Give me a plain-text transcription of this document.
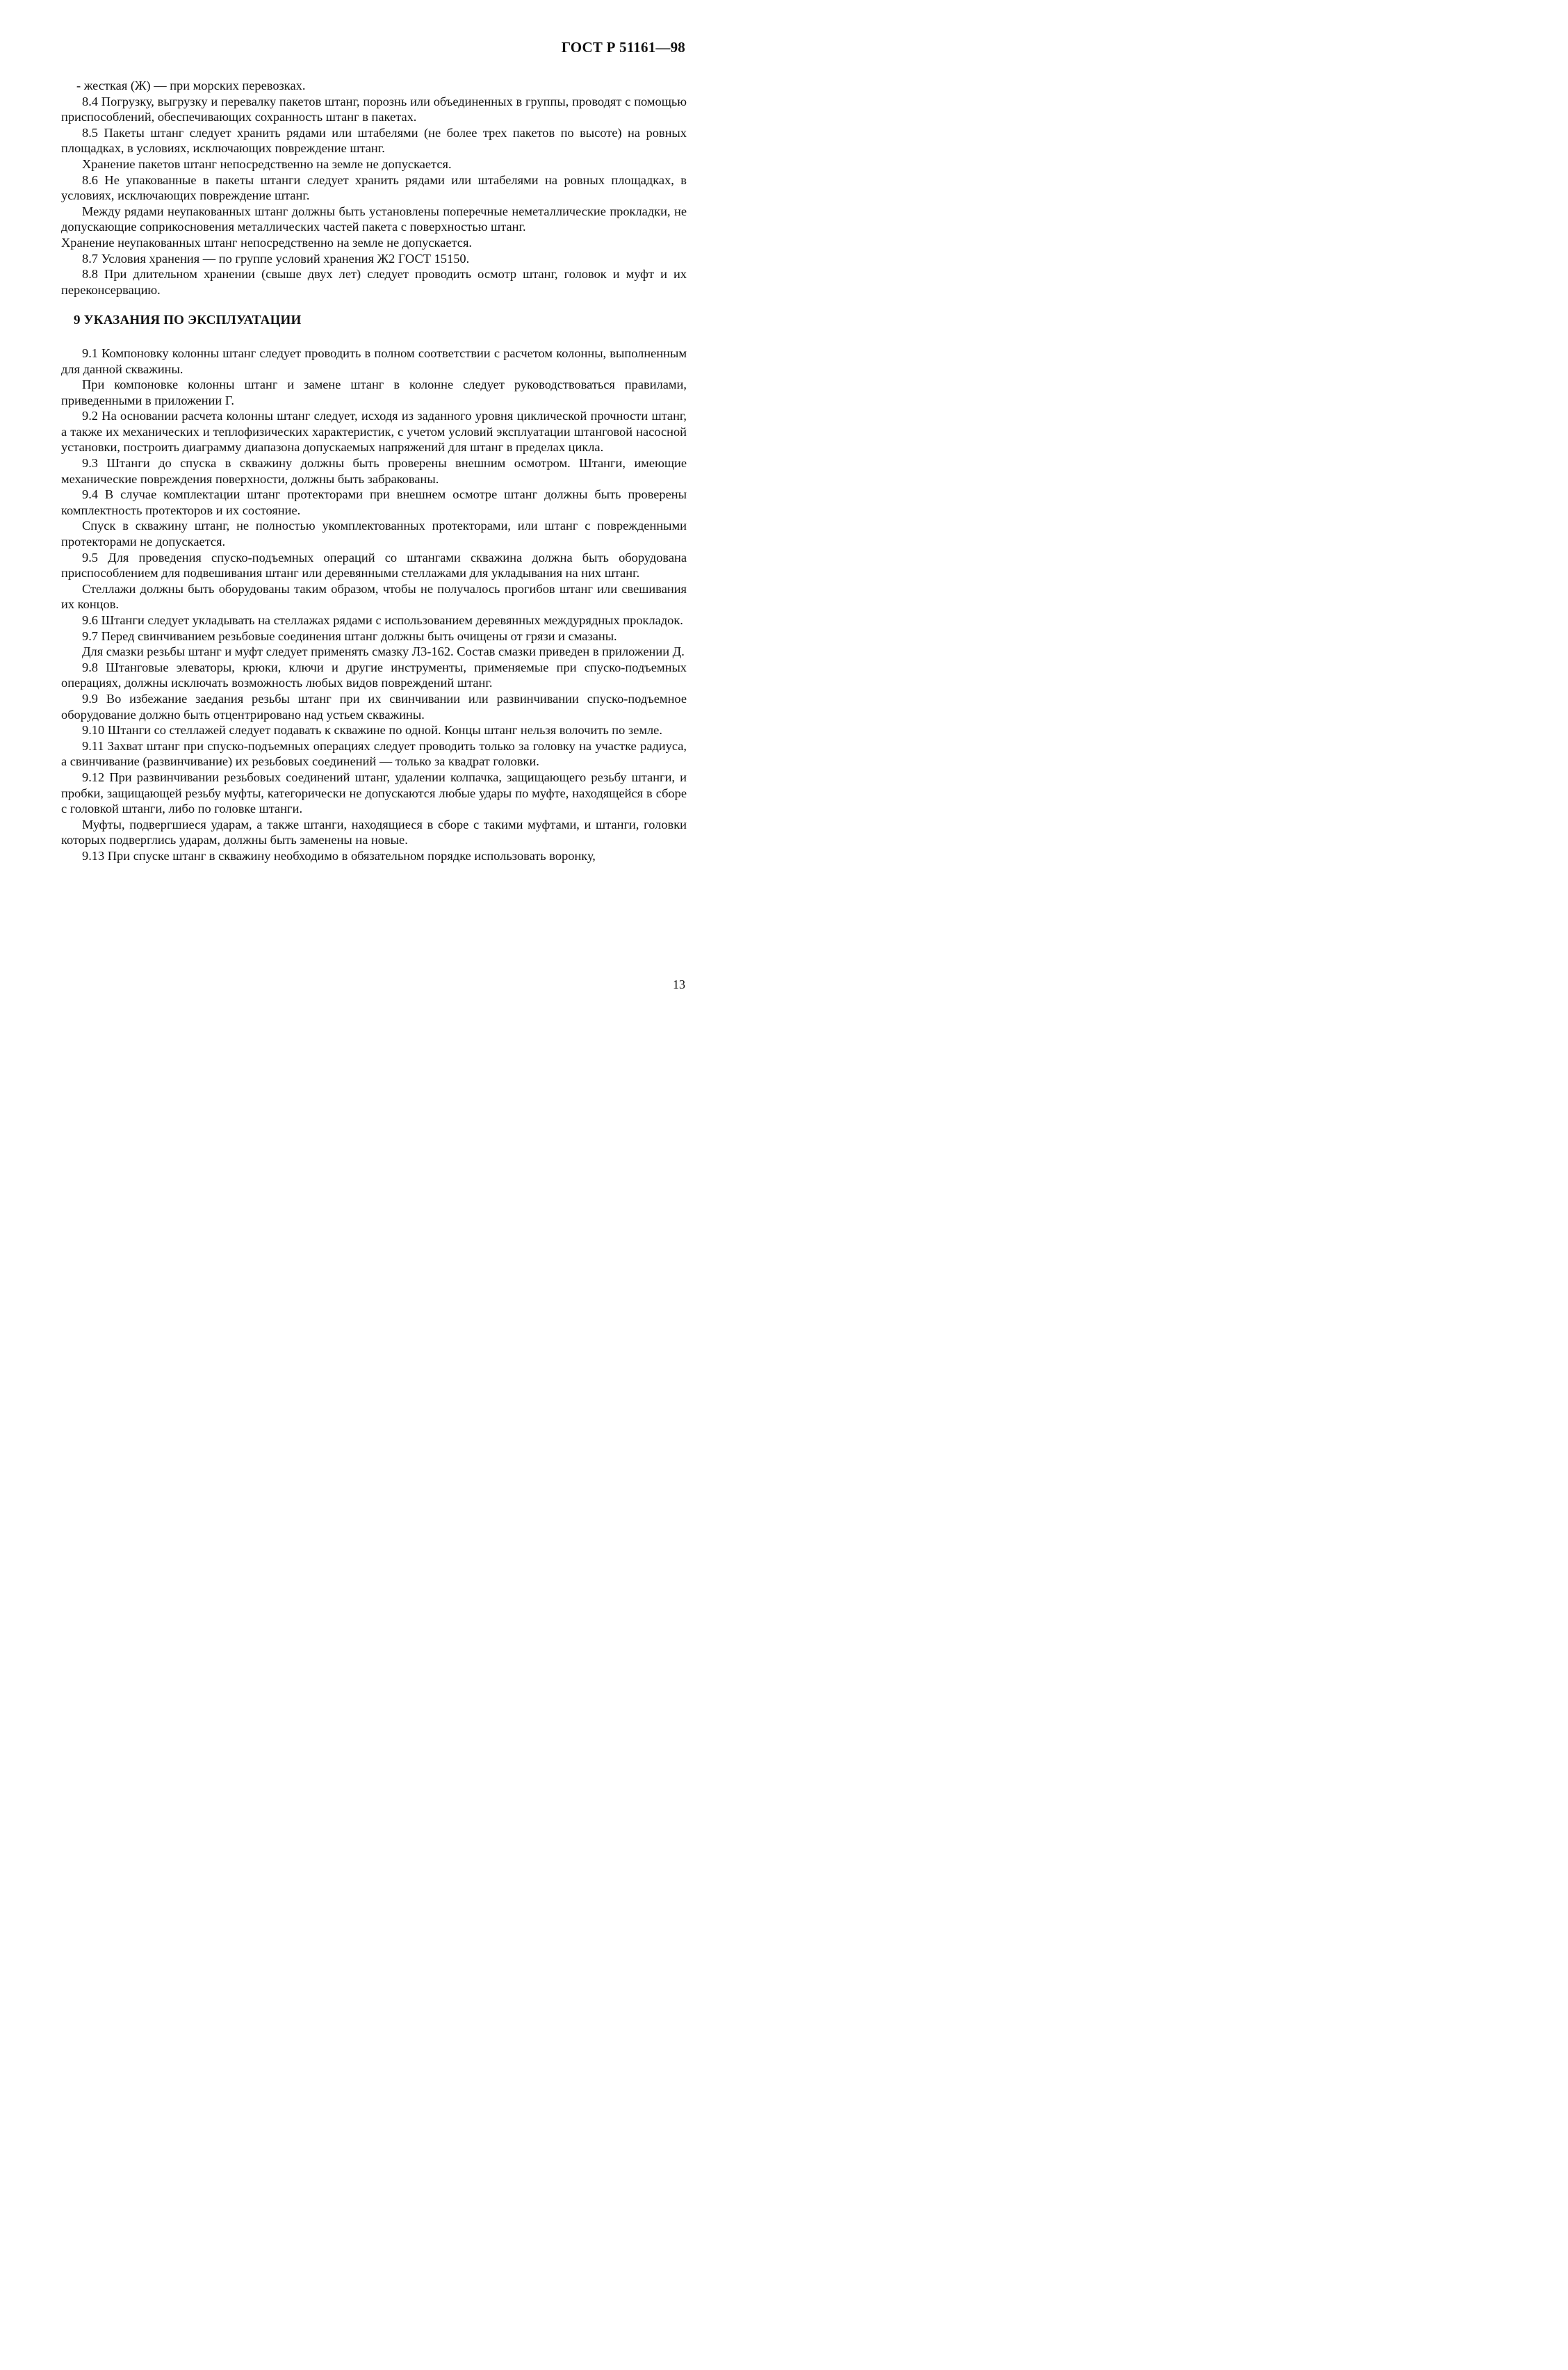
ГОСТ Р 51161—98

- жесткая (Ж) — при морских перевозках.

8.4 Погрузку, выгрузку и перевалку пакетов штанг, порознь или объединенных в группы, проводят с помощью приспособлений, обеспечивающих сохранность штанг в пакетах.

8.5 Пакеты штанг следует хранить рядами или штабелями (не более трех пакетов по высоте) на ровных площадках, в условиях, исключающих повреждение штанг.

Хранение пакетов штанг непосредственно на земле не допускается.

8.6 Не упакованные в пакеты штанги следует хранить рядами или штабелями на ровных площадках, в условиях, исключающих повреждение штанг.

Между рядами неупакованных штанг должны быть установлены поперечные неметаллические прокладки, не допускающие соприкосновения металлических частей пакета с поверхностью штанг.

Хранение неупакованных штанг непосредственно на земле не допускается.

8.7 Условия хранения — по группе условий хранения Ж2 ГОСТ 15150.

8.8 При длительном хранении (свыше двух лет) следует проводить осмотр штанг, головок и муфт и их переконсервацию.

9 УКАЗАНИЯ ПО ЭКСПЛУАТАЦИИ

9.1 Компоновку колонны штанг следует проводить в полном соответствии с расчетом колонны, выполненным для данной скважины.

При компоновке колонны штанг и замене штанг в колонне следует руководствоваться правилами, приведенными в приложении Г.

9.2 На основании расчета колонны штанг следует, исходя из заданного уровня циклической прочности штанг, а также их механических и теплофизических характеристик, с учетом условий эксплуатации штанговой насосной установки, построить диаграмму диапазона допускаемых напряжений для штанг в пределах цикла.

9.3 Штанги до спуска в скважину должны быть проверены внешним осмотром. Штанги, имеющие механические повреждения поверхности, должны быть забракованы.

9.4 В случае комплектации штанг протекторами при внешнем осмотре штанг должны быть проверены комплектность протекторов и их состояние.

Спуск в скважину штанг, не полностью укомплектованных протекторами, или штанг с поврежденными протекторами не допускается.

9.5 Для проведения спуско-подъемных операций со штангами скважина должна быть оборудована приспособлением для подвешивания штанг или деревянными стеллажами для укладывания на них штанг.

Стеллажи должны быть оборудованы таким образом, чтобы не получалось прогибов штанг или свешивания их концов.

9.6 Штанги следует укладывать на стеллажах рядами с использованием деревянных междурядных прокладок.

9.7 Перед свинчиванием резьбовые соединения штанг должны быть очищены от грязи и смазаны.

Для смазки резьбы штанг и муфт следует применять смазку Л3-162. Состав смазки приведен в приложении Д.

9.8 Штанговые элеваторы, крюки, ключи и другие инструменты, применяемые при спуско-подъемных операциях, должны исключать возможность любых видов повреждений штанг.

9.9 Во избежание заедания резьбы штанг при их свинчивании или развинчивании спуско-подъемное оборудование должно быть отцентрировано над устьем скважины.

9.10 Штанги со стеллажей следует подавать к скважине по одной. Концы штанг нельзя волочить по земле.

9.11 Захват штанг при спуско-подъемных операциях следует проводить только за головку на участке радиуса, а свинчивание (развинчивание) их резьбовых соединений — только за квадрат головки.

9.12 При развинчивании резьбовых соединений штанг, удалении колпачка, защищающего резьбу штанги, и пробки, защищающей резьбу муфты, категорически не допускаются любые удары по муфте, находящейся в сборе с головкой штанги, либо по головке штанги.

Муфты, подвергшиеся ударам, а также штанги, находящиеся в сборе с такими муфтами, и штанги, головки которых подверглись ударам, должны быть заменены на новые.

9.13 При спуске штанг в скважину необходимо в обязательном порядке использовать воронку,

13
